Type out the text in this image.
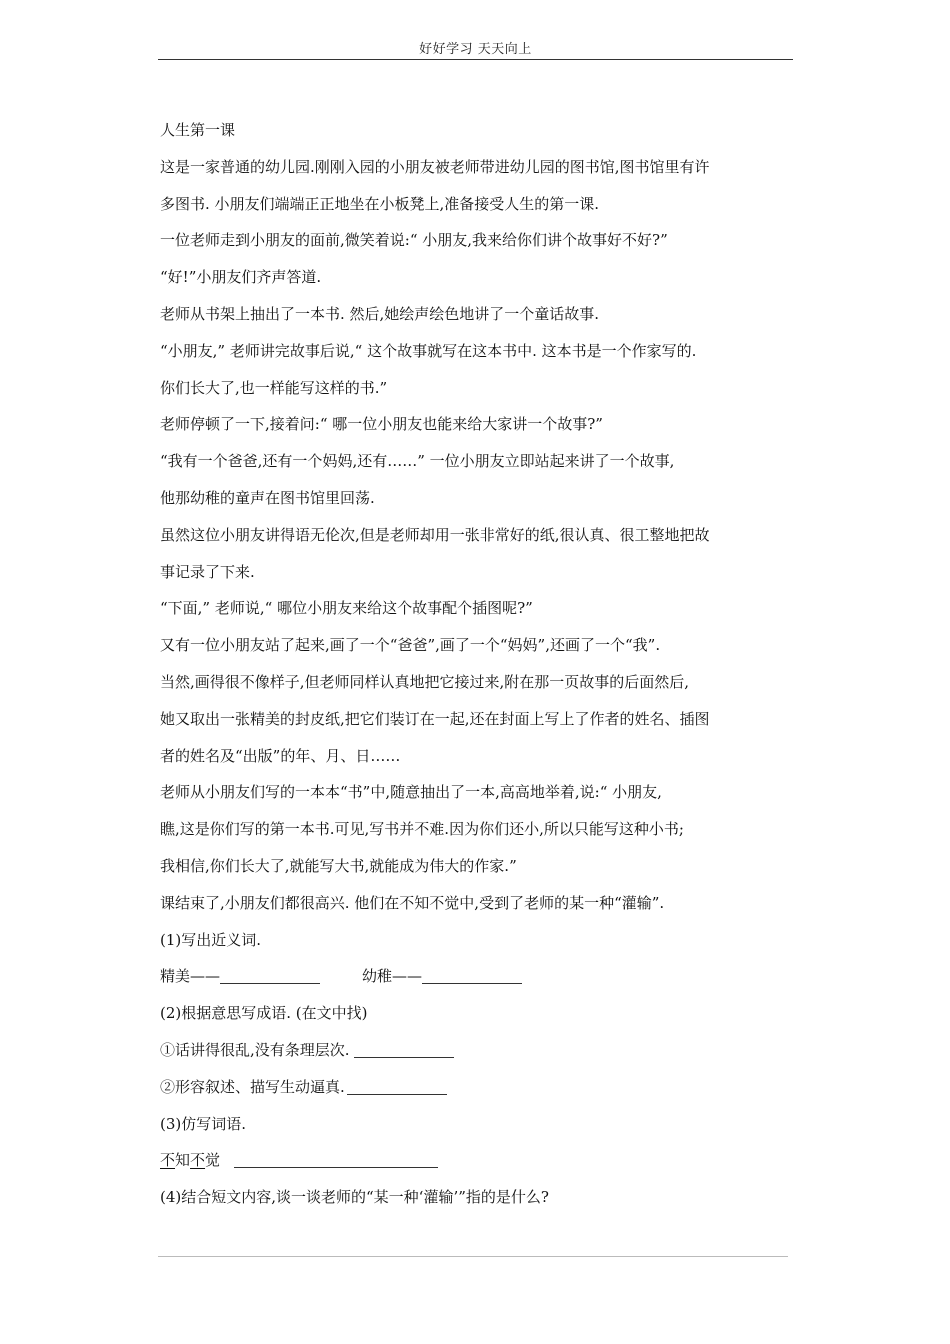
好好学习 天天向上
人生第一课
这是一家普通的幼儿园.刚刚入园的小朋友被老师带进幼儿园的图书馆,图书馆里有许
多图书. 小朋友们端端正正地坐在小板凳上,准备接受人生的第一课.
一位老师走到小朋友的面前,微笑着说:“ 小朋友,我来给你们讲个故事好不好?”
“好!”小朋友们齐声答道.
老师从书架上抽出了一本书. 然后,她绘声绘色地讲了一个童话故事.
“小朋友,” 老师讲完故事后说,“ 这个故事就写在这本书中. 这本书是一个作家写的.
你们长大了,也一样能写这样的书.”
老师停顿了一下,接着问:“ 哪一位小朋友也能来给大家讲一个故事?”
“我有一个爸爸,还有一个妈妈,还有……” 一位小朋友立即站起来讲了一个故事,
他那幼稚的童声在图书馆里回荡.
虽然这位小朋友讲得语无伦次,但是老师却用一张非常好的纸,很认真、很工整地把故
事记录了下来.
“下面,” 老师说,“ 哪位小朋友来给这个故事配个插图呢?”
又有一位小朋友站了起来,画了一个“爸爸”,画了一个“妈妈”,还画了一个“我”.
当然,画得很不像样子,但老师同样认真地把它接过来,附在那一页故事的后面然后,
她又取出一张精美的封皮纸,把它们装订在一起,还在封面上写上了作者的姓名、插图
者的姓名及“出版”的年、月、日……
老师从小朋友们写的一本本“书”中,随意抽出了一本,高高地举着,说:“ 小朋友,
瞧,这是你们写的第一本书.可见,写书并不难.因为你们还小,所以只能写这种小书;
我相信,你们长大了,就能写大书,就能成为伟大的作家.”
课结束了,小朋友们都很高兴. 他们在不知不觉中,受到了老师的某一种“灌输”.
(1)写出近义词.
精美——	幼稚——
(2)根据意思写成语. (在文中找)
①话讲得很乱,没有条理层次.
②形容叙述、描写生动逼真.
(3)仿写词语.
不知不觉
(4)结合短文内容,谈一谈老师的“某一种‘灌输’”指的是什么?
